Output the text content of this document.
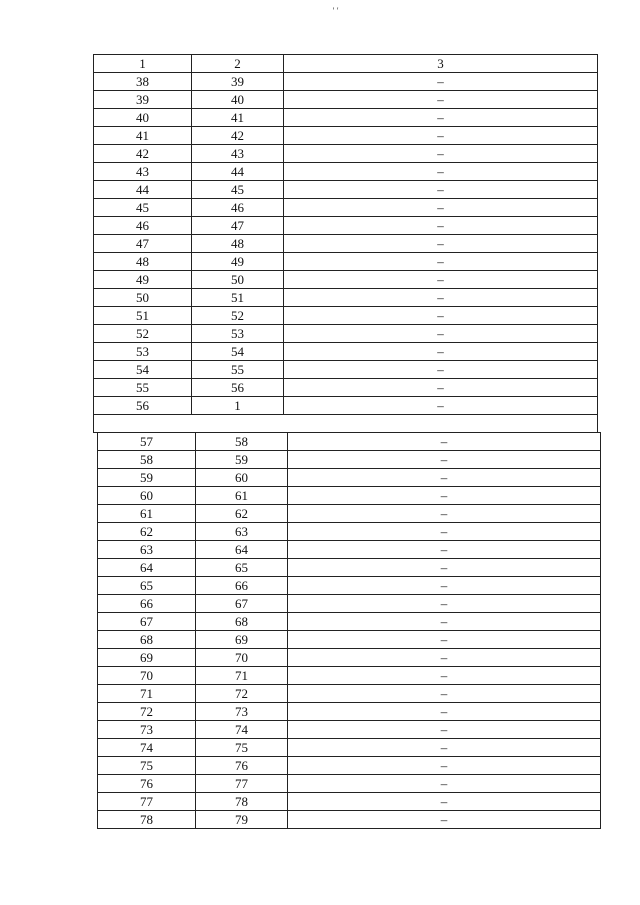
' '
1	2	3
38	39	–
39	40	–
40	41	–
41	42	–
42	43	–
43	44	–
44	45	–
45	46	–
46	47	–
47	48	–
48	49	–
49	50	–
50	51	–
51	52	–
52	53	–
53	54	–
54	55	–
55	56	–
56	1	–

57	58	–
58	59	–
59	60	–
60	61	–
61	62	–
62	63	–
63	64	–
64	65	–
65	66	–
66	67	–
67	68	–
68	69	–
69	70	–
70	71	–
71	72	–
72	73	–
73	74	–
74	75	–
75	76	–
76	77	–
77	78	–
78	79	–
